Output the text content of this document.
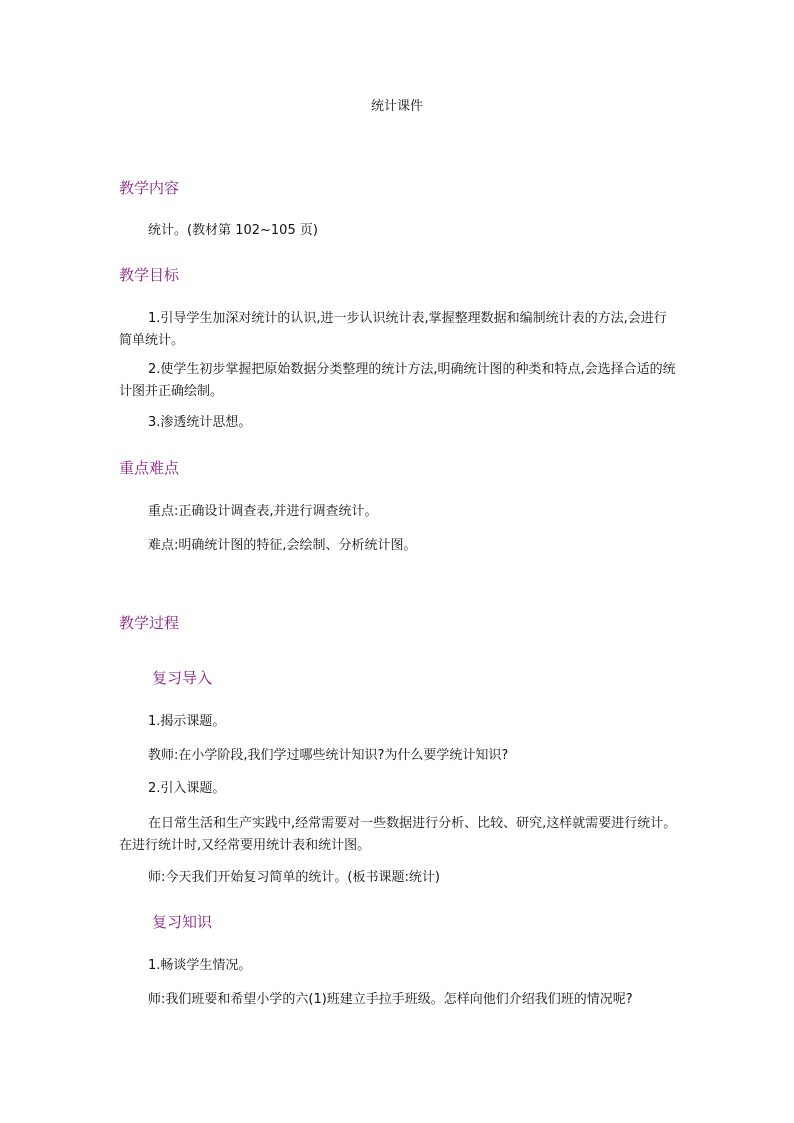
统计课件
教学内容

统计。(教材第 102~105 页)

教学目标

1.引导学生加深对统计的认识,进一步认识统计表,掌握整理数据和编制统计表的方法,会进行简单统计。

2.使学生初步掌握把原始数据分类整理的统计方法,明确统计图的种类和特点,会选择合适的统计图并正确绘制。

3.渗透统计思想。

重点难点

重点:正确设计调查表,并进行调查统计。

难点:明确统计图的特征,会绘制、分析统计图。

教学过程
复习导入

1.揭示课题。

教师:在小学阶段,我们学过哪些统计知识?为什么要学统计知识?

2.引入课题。

在日常生活和生产实践中,经常需要对一些数据进行分析、比较、研究,这样就需要进行统计。在进行统计时,又经常要用统计表和统计图。

师:今天我们开始复习简单的统计。(板书课题:统计)

复习知识

1.畅谈学生情况。

师:我们班要和希望小学的六(1)班建立手拉手班级。怎样向他们介绍我们班的情况呢?
